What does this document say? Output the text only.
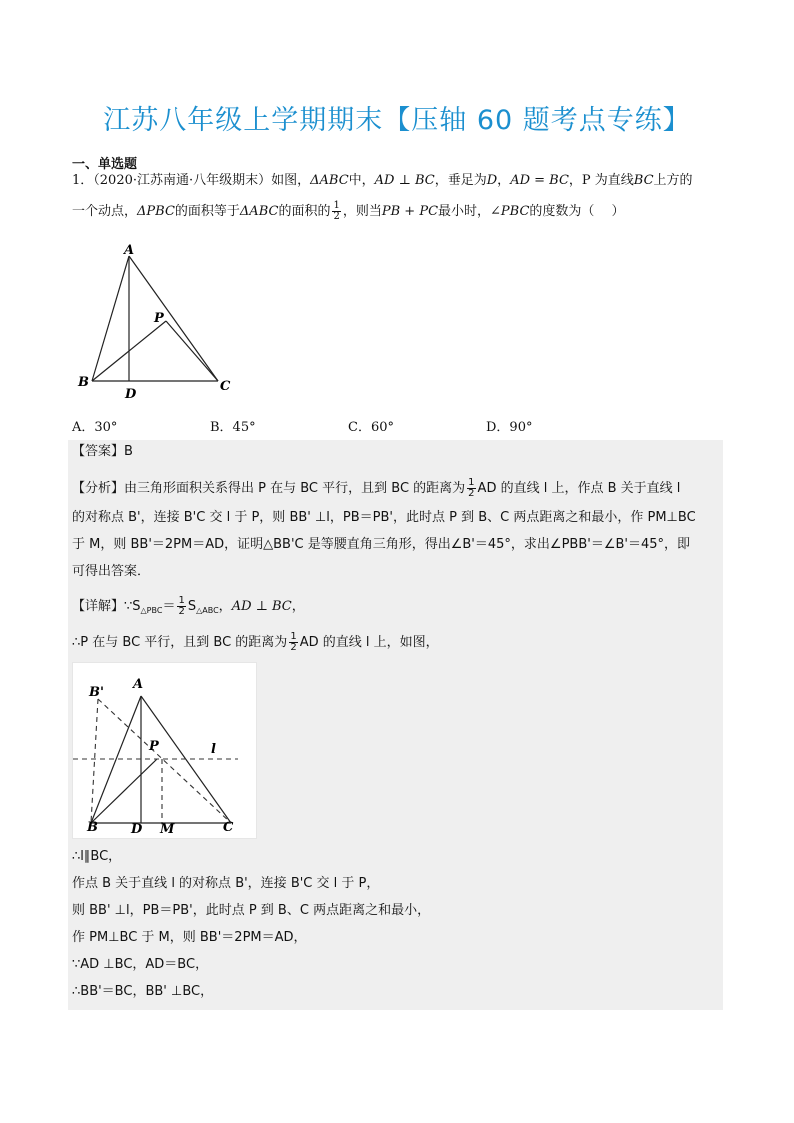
江苏八年级上学期期末【压轴 60 题考点专练】
一、单选题
1．（2020·江苏南通·八年级期末）如图，ΔABC中，AD ⊥ BC，垂足为D，AD = BC，P 为直线BC上方的
一个动点，ΔPBC的面积等于ΔABC的面积的 $\frac{1}{2}$ ，则当PB + PC最小时，∠PBC的度数为（　 ）
A
B	C
D
P
A．30°	B．45°	C．60°	D．90°
【答案】B
【分析】由三角形面积关系得出 P 在与 BC 平行，且到 BC 的距离为 $\frac{1}{2}$ AD 的直线 l 上，作点 B 关于直线 l
的对称点 B'，连接 B'C 交 l 于 P，则 BB' ⊥l，PB＝PB'，此时点 P 到 B、C 两点距离之和最小，作 PM⊥BC
于 M，则 BB'＝2PM＝AD，证明△BB'C 是等腰直角三角形，得出∠B'＝45°，求出∠PBB'＝∠B'＝45°，即
可得出答案．
【详解】$\because S_{\triangle PBC}= \frac{1}{2} S_{\triangle ABC}$，AD ⊥ BC，
∴P 在与 BC 平行，且到 BC 的距离为 $\frac{1}{2}$ AD 的直线 l 上，如图，
B'
A
P	l
B	D M	C
∴l∥BC，
作点 B 关于直线 l 的对称点 B'，连接 B'C 交 l 于 P，
则 BB' ⊥l，PB＝PB'，此时点 P 到 B、C 两点距离之和最小，
作 PM⊥BC 于 M，则 BB'＝2PM＝AD，
∵AD ⊥BC，AD＝BC，
∴BB'＝BC，BB' ⊥BC，
